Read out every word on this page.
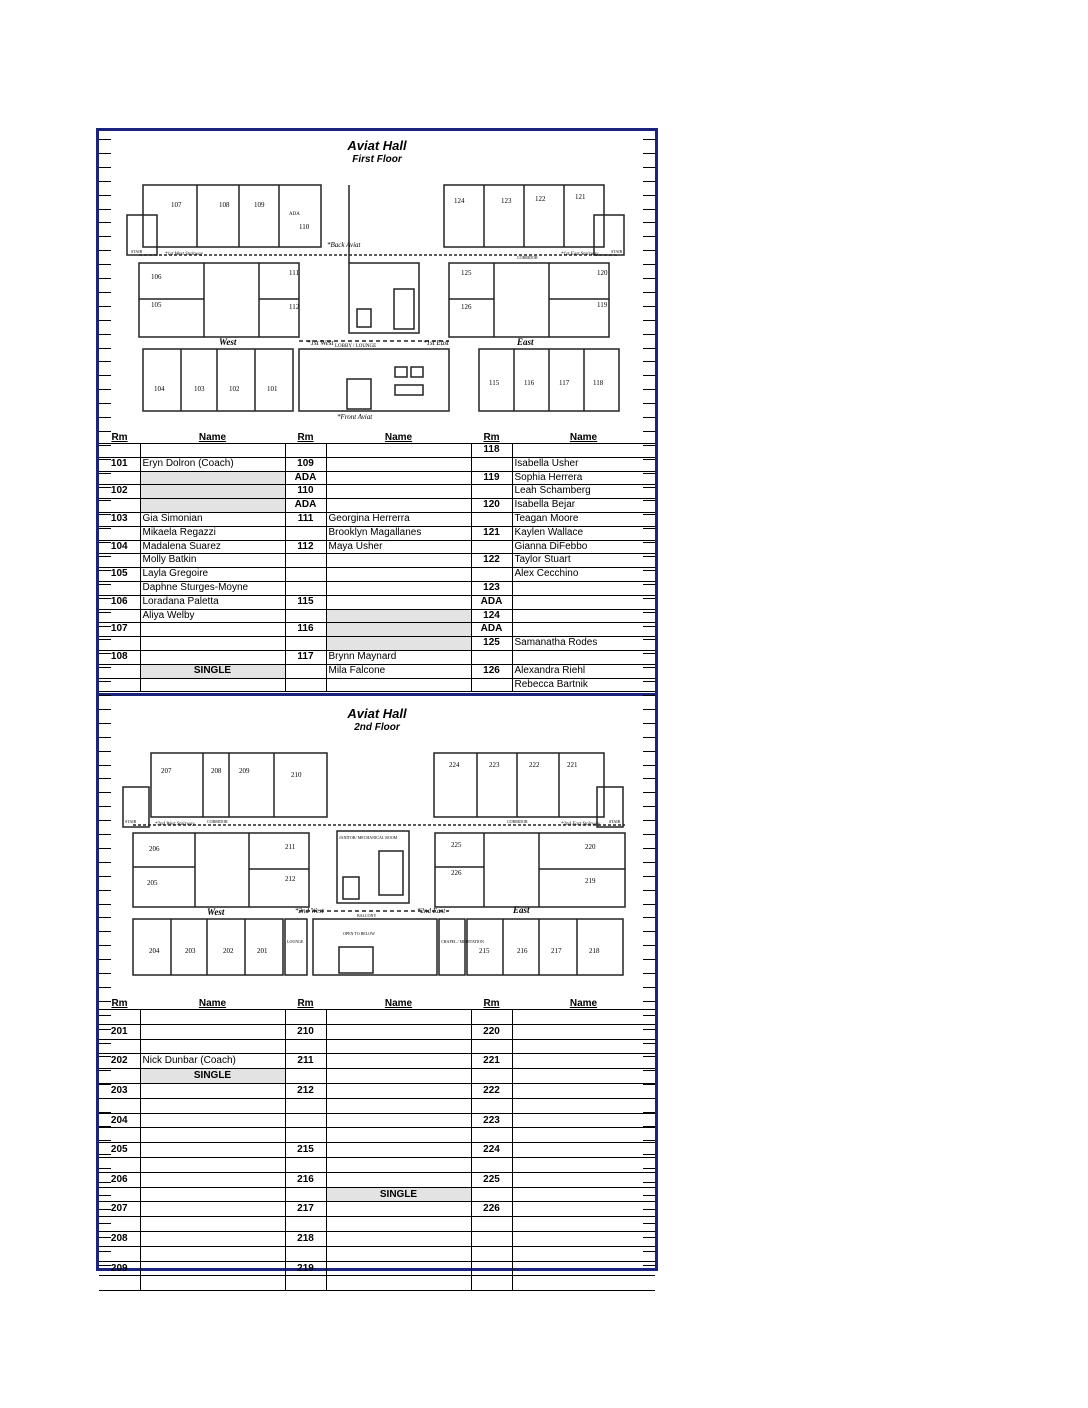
Aviat Hall
First Floor
107	108	109
110
106
105
111
112
104	103	102	101
124	123	122	121
125
126
120
119
115	116	117	118
*Back Aviat
*Front Aviat
West	East
*1st West	*1st East
LOBBY / LOUNGE
*1st West Stairway	*1st East Stairway
CORRIDOR
STAIR	STAIR
ADA
Rm	Name	Rm	Name	Rm	Name
				118	
101	Eryn Dolron (Coach)	109			Isabella Usher
		ADA		119	Sophia Herrera
102		110			Leah Schamberg
		ADA		120	Isabella Bejar
103	Gia Simonian	111	Georgina Herrerra		Teagan Moore
	Mikaela Regazzi		Brooklyn Magallanes	121	Kaylen Wallace
104	Madalena Suarez	112	Maya Usher		Gianna DiFebbo
	Molly Batkin			122	Taylor Stuart
105	Layla Gregoire				Alex Cecchino
	Daphne Sturges-Moyne			123	
106	Loradana Paletta	115		ADA	
	Aliya Welby			124	
107		116		ADA	
				125	Samanatha Rodes
108		117	Brynn Maynard		
	SINGLE		Mila Falcone	126	Alexandra Riehl
					Rebecca Bartnik
Aviat Hall
2nd Floor
207	208	209	210
206
205
211
212
204	203	202	201
224	223	222	221
225
226
220
219
215	216	217	218
West	East
*2nd West	*2nd East
OPEN TO BELOW
BALCONY
LOUNGE
JANITOR/ MECHANICAL ROOM
CHAPEL / MEDITATION
*2nd West Stairway	*2nd East Stairway
CORRIDOR	CORRIDOR
STAIR	STAIR
Rm	Name	Rm	Name	Rm	Name

201		210		220	

202	Nick Dunbar (Coach)	211		221	
	SINGLE				
203		212		222	

204				223	

205		215		224	

206		216		225	
			SINGLE		
207		217		226	

208		218			

209		219			
